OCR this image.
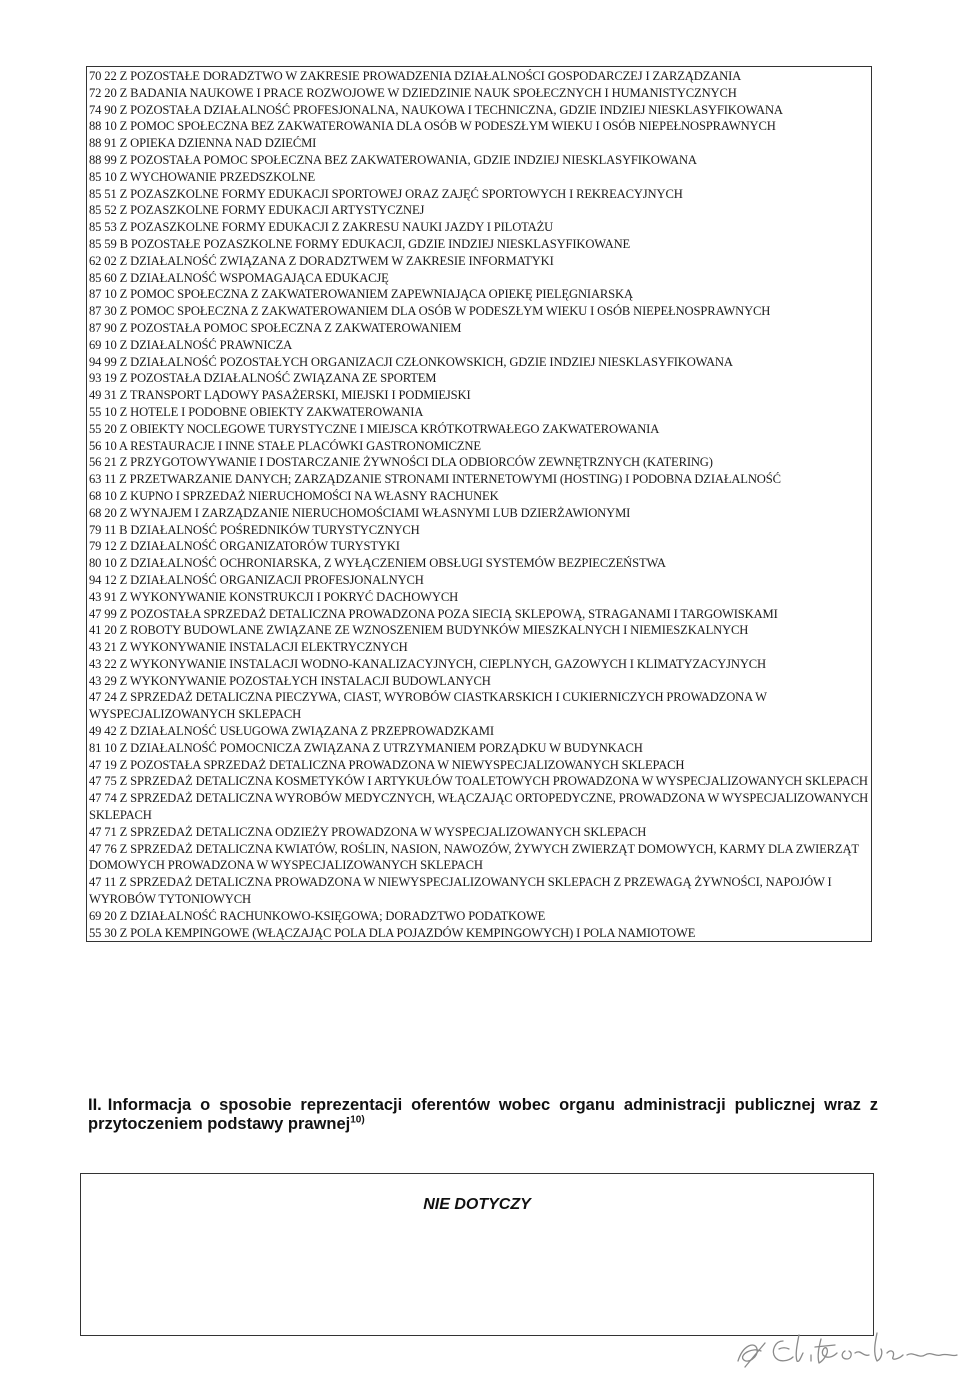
70 22 Z POZOSTAŁE DORADZTWO W ZAKRESIE PROWADZENIA DZIAŁALNOŚCI GOSPODARCZEJ I ZARZĄDZANIA
72 20 Z BADANIA NAUKOWE I PRACE ROZWOJOWE W DZIEDZINIE NAUK SPOŁECZNYCH I HUMANISTYCZNYCH
74 90 Z POZOSTAŁA DZIAŁALNOŚĆ PROFESJONALNA, NAUKOWA I TECHNICZNA, GDZIE INDZIEJ NIESKLASYFIKOWANA
88 10 Z POMOC SPOŁECZNA BEZ ZAKWATEROWANIA DLA OSÓB W PODESZŁYM WIEKU I OSÓB NIEPEŁNOSPRAWNYCH
88 91 Z OPIEKA DZIENNA NAD DZIEĆMI
88 99 Z POZOSTAŁA POMOC SPOŁECZNA BEZ ZAKWATEROWANIA, GDZIE INDZIEJ NIESKLASYFIKOWANA
85 10 Z WYCHOWANIE PRZEDSZKOLNE
85 51 Z POZASZKOLNE FORMY EDUKACJI SPORTOWEJ ORAZ ZAJĘĆ SPORTOWYCH I REKREACYJNYCH
85 52 Z POZASZKOLNE FORMY EDUKACJI ARTYSTYCZNEJ
85 53 Z POZASZKOLNE FORMY EDUKACJI Z ZAKRESU NAUKI JAZDY I PILOTAŻU
85 59 B POZOSTAŁE POZASZKOLNE FORMY EDUKACJI, GDZIE INDZIEJ NIESKLASYFIKOWANE
62 02 Z DZIAŁALNOŚĆ ZWIĄZANA Z DORADZTWEM W ZAKRESIE INFORMATYKI
85 60 Z DZIAŁALNOŚĆ WSPOMAGAJĄCA EDUKACJĘ
87 10 Z POMOC SPOŁECZNA Z ZAKWATEROWANIEM ZAPEWNIAJĄCA OPIEKĘ PIELĘGNIARSKĄ
87 30 Z POMOC SPOŁECZNA Z ZAKWATEROWANIEM DLA OSÓB W PODESZŁYM WIEKU I OSÓB NIEPEŁNOSPRAWNYCH
87 90 Z POZOSTAŁA POMOC SPOŁECZNA Z ZAKWATEROWANIEM
69 10 Z DZIAŁALNOŚĆ PRAWNICZA
94 99 Z DZIAŁALNOŚĆ POZOSTAŁYCH ORGANIZACJI CZŁONKOWSKICH, GDZIE INDZIEJ NIESKLASYFIKOWANA
93 19 Z POZOSTAŁA DZIAŁALNOŚĆ ZWIĄZANA ZE SPORTEM
49 31 Z TRANSPORT LĄDOWY PASAŻERSKI, MIEJSKI I PODMIEJSKI
55 10 Z HOTELE I PODOBNE OBIEKTY ZAKWATEROWANIA
55 20 Z OBIEKTY NOCLEGOWE TURYSTYCZNE I MIEJSCA KRÓTKOTRWAŁEGO ZAKWATEROWANIA
56 10 A RESTAURACJE I INNE STAŁE PLACÓWKI GASTRONOMICZNE
56 21 Z PRZYGOTOWYWANIE I DOSTARCZANIE ŻYWNOŚCI DLA ODBIORCÓW ZEWNĘTRZNYCH (KATERING)
63 11 Z PRZETWARZANIE DANYCH; ZARZĄDZANIE STRONAMI INTERNETOWYMI (HOSTING) I PODOBNA DZIAŁALNOŚĆ
68 10 Z KUPNO I SPRZEDAŻ NIERUCHOMOŚCI NA WŁASNY RACHUNEK
68 20 Z WYNAJEM I ZARZĄDZANIE NIERUCHOMOŚCIAMI WŁASNYMI LUB DZIERŻAWIONYMI
79 11 B DZIAŁALNOŚĆ POŚREDNIKÓW TURYSTYCZNYCH
79 12 Z DZIAŁALNOŚĆ ORGANIZATORÓW TURYSTYKI
80 10 Z DZIAŁALNOŚĆ OCHRONIARSKA, Z WYŁĄCZENIEM OBSŁUGI SYSTEMÓW BEZPIECZEŃSTWA
94 12 Z DZIAŁALNOŚĆ ORGANIZACJI PROFESJONALNYCH
43 91 Z WYKONYWANIE KONSTRUKCJI I POKRYĆ DACHOWYCH
47 99 Z POZOSTAŁA SPRZEDAŻ DETALICZNA PROWADZONA POZA SIECIĄ SKLEPOWĄ, STRAGANAMI I TARGOWISKAMI
41 20 Z ROBOTY BUDOWLANE ZWIĄZANE ZE WZNOSZENIEM BUDYNKÓW MIESZKALNYCH I NIEMIESZKALNYCH
43 21 Z WYKONYWANIE INSTALACJI ELEKTRYCZNYCH
43 22 Z WYKONYWANIE INSTALACJI WODNO-KANALIZACYJNYCH, CIEPLNYCH, GAZOWYCH I KLIMATYZACYJNYCH
43 29 Z WYKONYWANIE POZOSTAŁYCH INSTALACJI BUDOWLANYCH
47 24 Z SPRZEDAŻ DETALICZNA PIECZYWA, CIAST, WYROBÓW CIASTKARSKICH I CUKIERNICZYCH PROWADZONA W WYSPECJALIZOWANYCH SKLEPACH
49 42 Z DZIAŁALNOŚĆ USŁUGOWA ZWIĄZANA Z PRZEPROWADZKAMI
81 10 Z DZIAŁALNOŚĆ POMOCNICZA ZWIĄZANA Z UTRZYMANIEM PORZĄDKU W BUDYNKACH
47 19 Z POZOSTAŁA SPRZEDAŻ DETALICZNA PROWADZONA W NIEWYSPECJALIZOWANYCH SKLEPACH
47 75 Z SPRZEDAŻ DETALICZNA KOSMETYKÓW I ARTYKUŁÓW TOALETOWYCH PROWADZONA W WYSPECJALIZOWANYCH SKLEPACH
47 74 Z SPRZEDAŻ DETALICZNA WYROBÓW MEDYCZNYCH, WŁĄCZAJĄC ORTOPEDYCZNE, PROWADZONA W WYSPECJALIZOWANYCH SKLEPACH
47 71 Z SPRZEDAŻ DETALICZNA ODZIEŻY PROWADZONA W WYSPECJALIZOWANYCH SKLEPACH
47 76 Z SPRZEDAŻ DETALICZNA KWIATÓW, ROŚLIN, NASION, NAWOZÓW, ŻYWYCH ZWIERZĄT DOMOWYCH, KARMY DLA ZWIERZĄT DOMOWYCH PROWADZONA W WYSPECJALIZOWANYCH SKLEPACH
47 11 Z SPRZEDAŻ DETALICZNA PROWADZONA W NIEWYSPECJALIZOWANYCH SKLEPACH Z PRZEWAGĄ ŻYWNOŚCI, NAPOJÓW I WYROBÓW TYTONIOWYCH
69 20 Z DZIAŁALNOŚĆ RACHUNKOWO-KSIĘGOWA; DORADZTWO PODATKOWE
55 30 Z POLA KEMPINGOWE (WŁĄCZAJĄC POLA DLA POJAZDÓW KEMPINGOWYCH) I POLA NAMIOTOWE
II. Informacja o sposobie reprezentacji oferentów wobec organu administracji publicznej wraz z przytoczeniem podstawy prawnej$^{10)}$
NIE DOTYCZY
